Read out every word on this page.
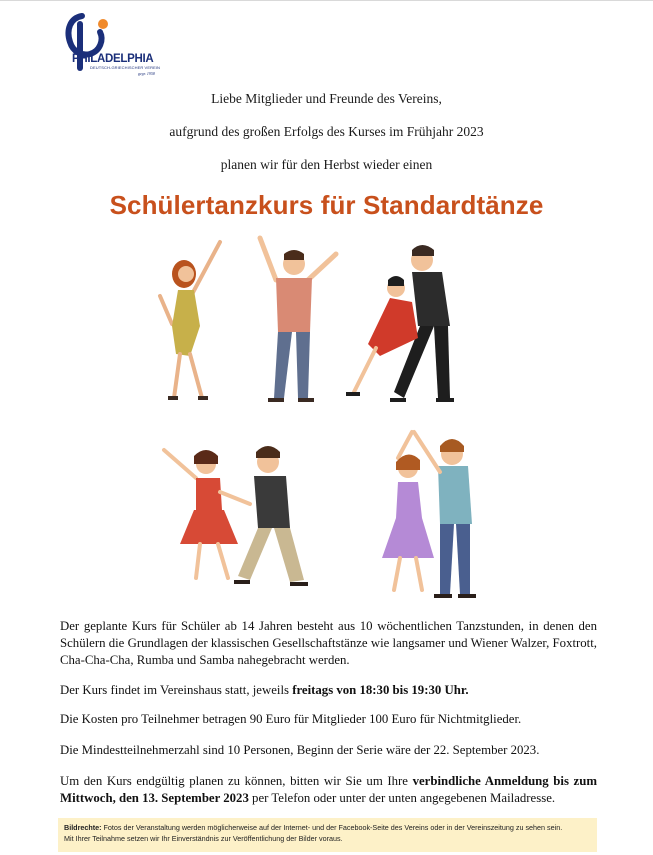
PHILADELPHIA
DEUTSCH-GRIECHISCHER VEREIN
gegr. 1958
Liebe Mitglieder und Freunde des Vereins,
aufgrund des großen Erfolgs des Kurses im Frühjahr 2023
planen wir für den Herbst wieder einen
Schülertanzkurs für Standardtänze
Der geplante Kurs für Schüler ab 14 Jahren besteht aus 10 wöchentlichen Tanzstunden, in denen den Schülern die Grundlagen der klassischen Gesellschaftstänze wie langsamer und Wiener Walzer, Foxtrott, Cha-Cha-Cha, Rumba und Samba nahegebracht werden.
Der Kurs findet im Vereinshaus statt, jeweils freitags von 18:30 bis 19:30 Uhr.
Die Kosten pro Teilnehmer betragen 90 Euro für Mitglieder 100 Euro für Nichtmitglieder.
Die Mindestteilnehmerzahl sind 10 Personen, Beginn der Serie wäre der 22. September 2023.
Um den Kurs endgültig planen zu können, bitten wir Sie um Ihre verbindliche Anmeldung bis zum Mittwoch, den 13. September 2023 per Telefon oder unter der unten angegebenen Mailadresse.
Bildrechte: Fotos der Veranstaltung werden möglicherweise auf der Internet- und der Facebook-Seite des Vereins oder in der Vereinszeitung zu sehen sein.
Mit Ihrer Teilnahme setzen wir Ihr Einverständnis zur Veröffentlichung der Bilder voraus.
